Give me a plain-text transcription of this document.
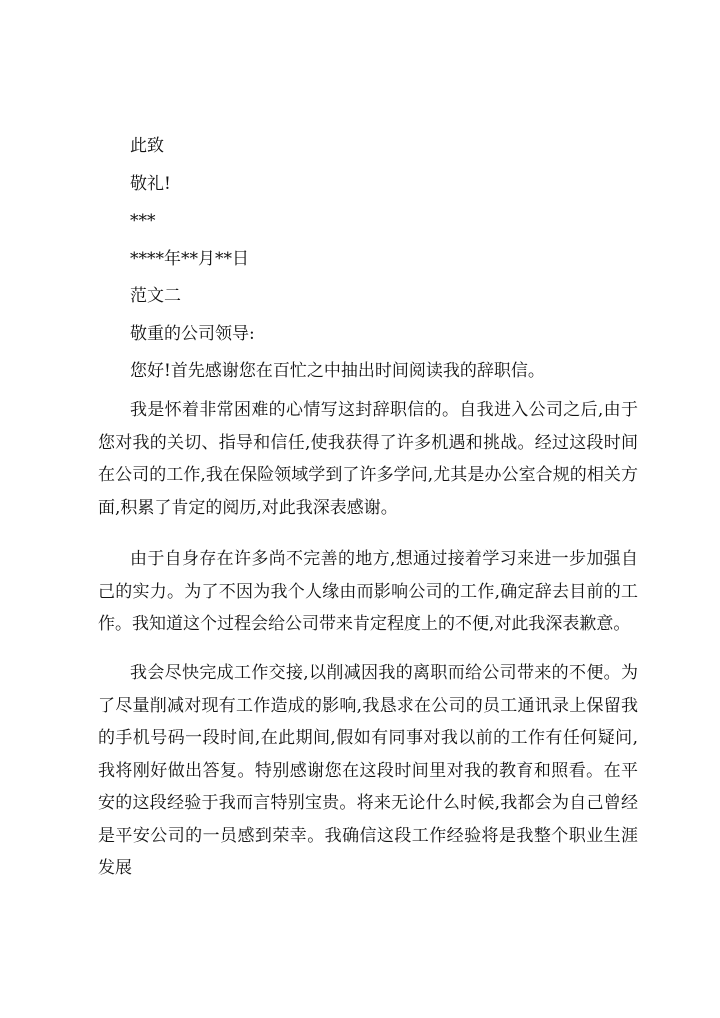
此致
敬礼!
***
****年**月**日
范文二
敬重的公司领导:
您好!首先感谢您在百忙之中抽出时间阅读我的辞职信。
我是怀着非常困难的心情写这封辞职信的。自我进入公司之后,由于您对我的关切、指导和信任,使我获得了许多机遇和挑战。经过这段时间在公司的工作,我在保险领域学到了许多学问,尤其是办公室合规的相关方面,积累了肯定的阅历,对此我深表感谢。
由于自身存在许多尚不完善的地方,想通过接着学习来进一步加强自己的实力。为了不因为我个人缘由而影响公司的工作,确定辞去目前的工作。我知道这个过程会给公司带来肯定程度上的不便,对此我深表歉意。
我会尽快完成工作交接,以削减因我的离职而给公司带来的不便。为了尽量削减对现有工作造成的影响,我恳求在公司的员工通讯录上保留我的手机号码一段时间,在此期间,假如有同事对我以前的工作有任何疑问,我将刚好做出答复。特别感谢您在这段时间里对我的教育和照看。在平安的这段经验于我而言特别宝贵。将来无论什么时候,我都会为自己曾经是平安公司的一员感到荣幸。我确信这段工作经验将是我整个职业生涯发展
